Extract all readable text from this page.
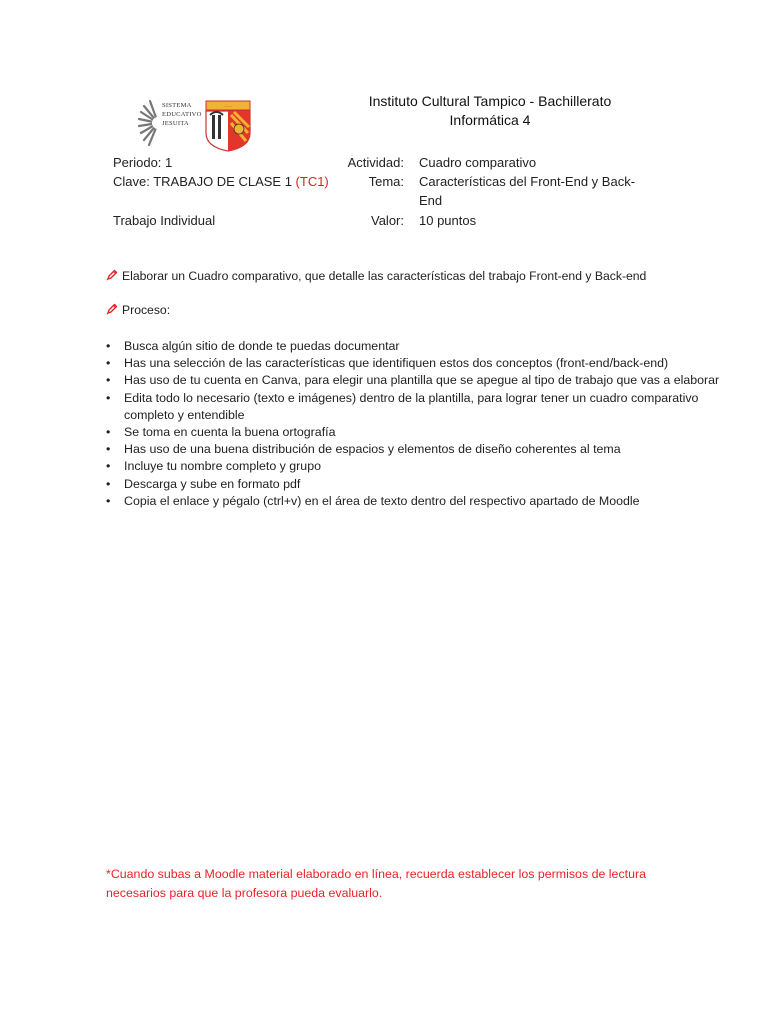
SISTEMA
EDUCATIVO
JESUITA
·····	Instituto Cultural Tampico - Bachillerato
Informática 4
Periodo: 1
Clave: TRABAJO DE CLASE 1 (TC1)
Trabajo Individual
Actividad:
Tema:
Valor:
Cuadro comparativo
Características del Front-End y Back-End
10 puntos
Elaborar un Cuadro comparativo, que detalle las características del trabajo Front-end y Back-end
Proceso:
• Busca algún sitio de donde te puedas documentar
• Has una selección de las características que identifiquen estos dos conceptos (front-end/back-end)
• Has uso de tu cuenta en Canva, para elegir una plantilla que se apegue al tipo de trabajo que vas a elaborar
• Edita todo lo necesario (texto e imágenes) dentro de la plantilla, para lograr tener un cuadro comparativo completo y entendible
• Se toma en cuenta la buena ortografía
• Has uso de una buena distribución de espacios y elementos de diseño coherentes al tema
• Incluye tu nombre completo y grupo
• Descarga y sube en formato pdf
• Copia el enlace y pégalo (ctrl+v) en el área de texto dentro del respectivo apartado de Moodle
*Cuando subas a Moodle material elaborado en línea, recuerda establecer los permisos de lectura necesarios para que la profesora pueda evaluarlo.
